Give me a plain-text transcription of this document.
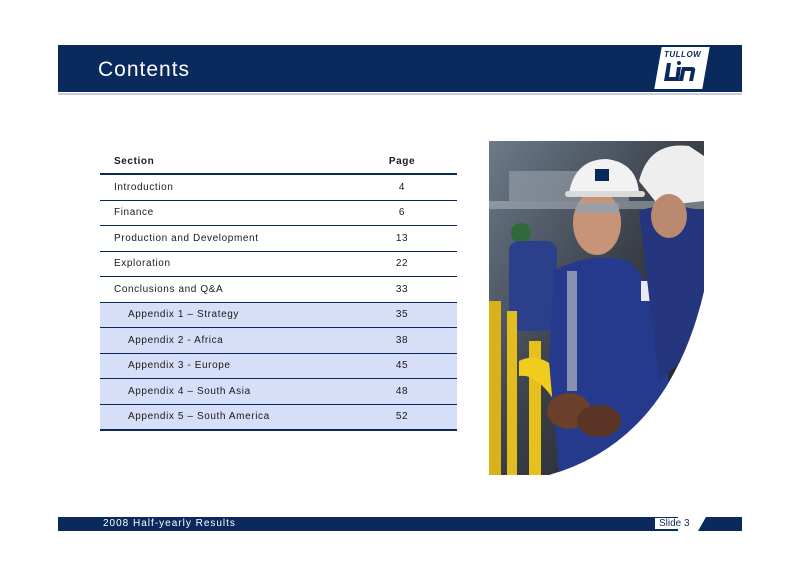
Contents
TULLOW
Section	Page
Introduction	4
Finance	6
Production and Development	13
Exploration	22
Conclusions and Q&A	33
Appendix 1 – Strategy	35
Appendix 2 - Africa	38
Appendix 3 - Europe	45
Appendix 4 – South Asia	48
Appendix 5 – South America	52
2008 Half-yearly Results	Slide 3
